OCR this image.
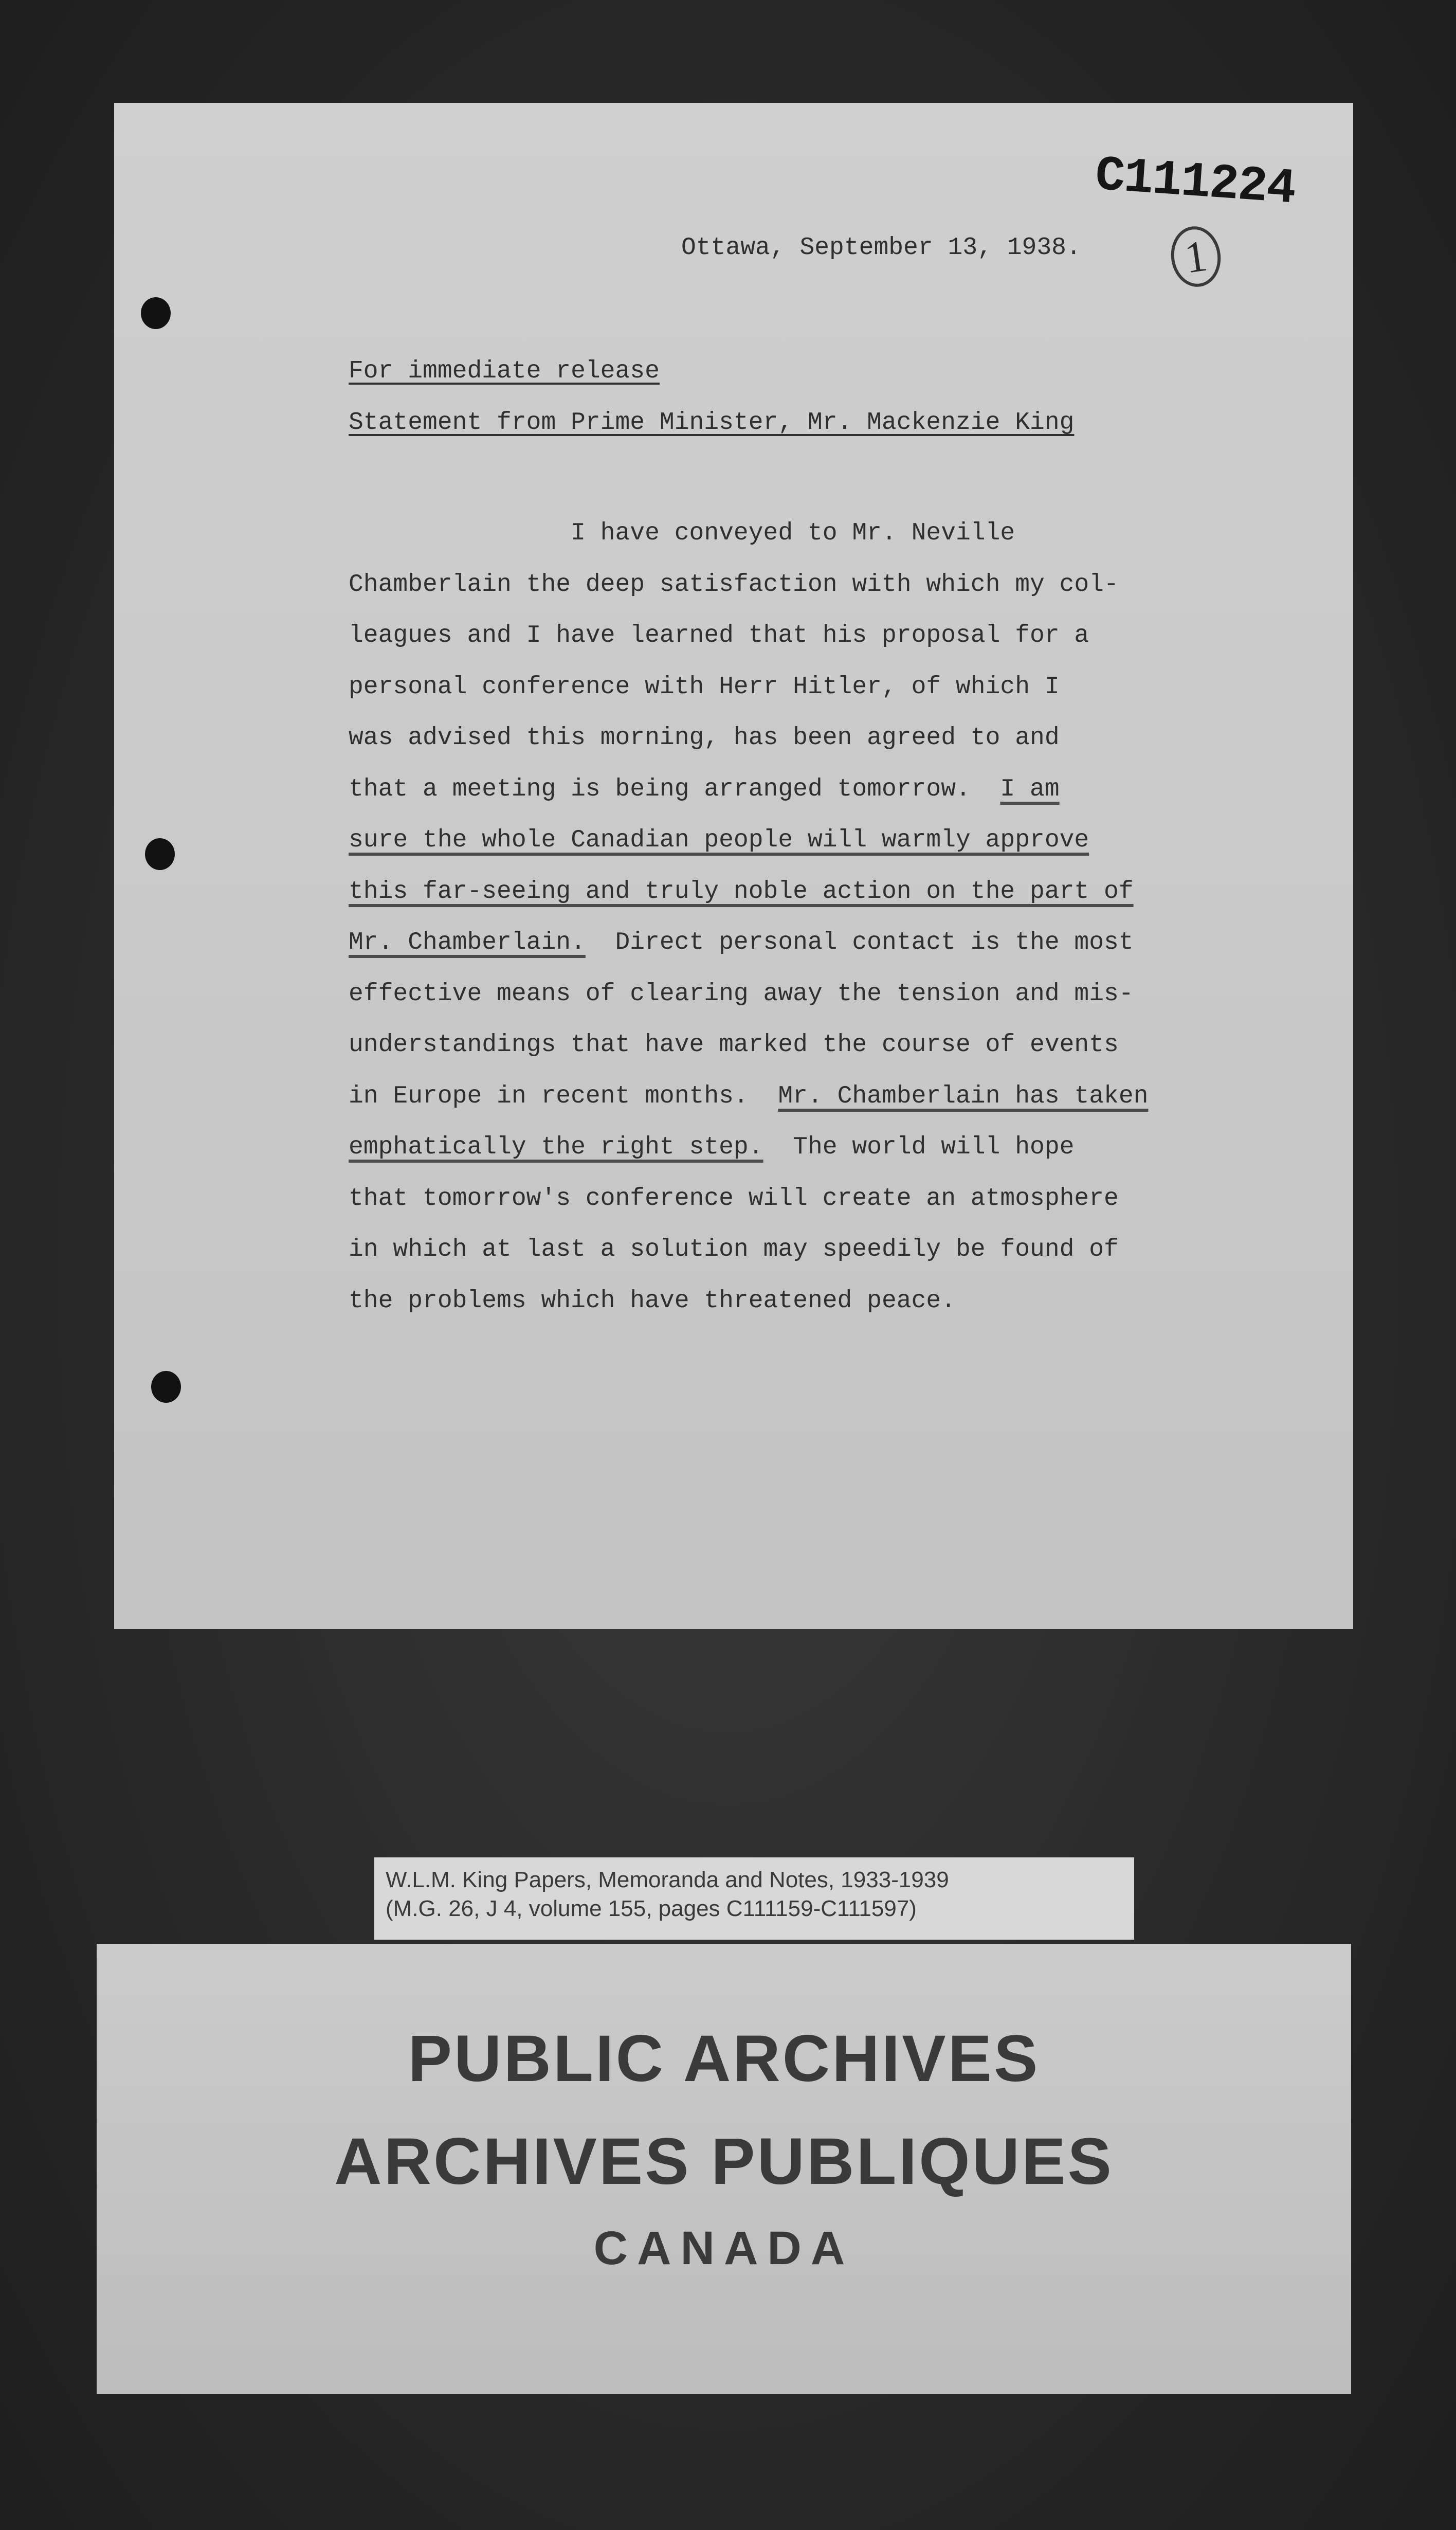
C111224
1
Ottawa, September 13, 1938.
For immediate release
Statement from Prime Minister, Mr. Mackenzie King
I have conveyed to Mr. Neville
Chamberlain the deep satisfaction with which my col-
leagues and I have learned that his proposal for a
personal conference with Herr Hitler, of which I
was advised this morning, has been agreed to and
that a meeting is being arranged tomorrow.  I am
sure the whole Canadian people will warmly approve
this far-seeing and truly noble action on the part of
Mr. Chamberlain.  Direct personal contact is the most
effective means of clearing away the tension and mis-
understandings that have marked the course of events
in Europe in recent months.  Mr. Chamberlain has taken
emphatically the right step.  The world will hope
that tomorrow's conference will create an atmosphere
in which at last a solution may speedily be found of
the problems which have threatened peace.
W.L.M. King Papers, Memoranda and Notes, 1933-1939
(M.G. 26, J 4, volume 155, pages C111159-C111597)
PUBLIC ARCHIVES
ARCHIVES PUBLIQUES
CANADA
